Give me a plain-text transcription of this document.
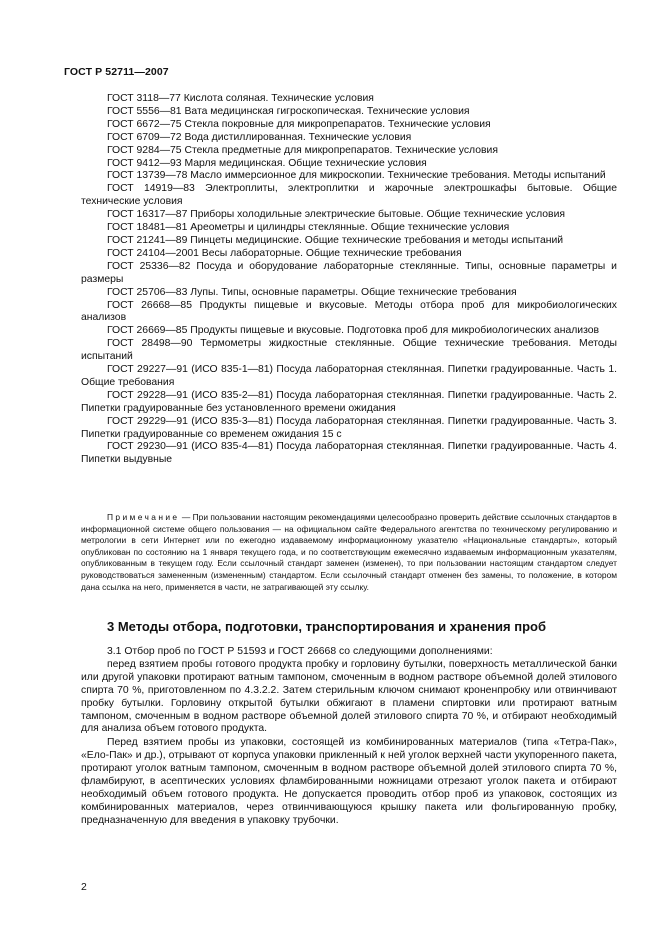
ГОСТ Р 52711—2007

ГОСТ 3118—77 Кислота соляная. Технические условия

ГОСТ 5556—81 Вата медицинская гигроскопическая. Технические условия

ГОСТ 6672—75 Стекла покровные для микропрепаратов. Технические условия

ГОСТ 6709—72 Вода дистиллированная. Технические условия

ГОСТ 9284—75 Стекла предметные для микропрепаратов. Технические условия

ГОСТ 9412—93 Марля медицинская. Общие технические условия

ГОСТ 13739—78 Масло иммерсионное для микроскопии. Технические требования. Методы испытаний

ГОСТ 14919—83 Электроплиты, электроплитки и жарочные электрошкафы бытовые. Общие технические условия

ГОСТ 16317—87 Приборы холодильные электрические бытовые. Общие технические условия

ГОСТ 18481—81 Ареометры и цилиндры стеклянные. Общие технические условия

ГОСТ 21241—89 Пинцеты медицинские. Общие технические требования и методы испытаний

ГОСТ 24104—2001 Весы лабораторные. Общие технические требования

ГОСТ 25336—82 Посуда и оборудование лабораторные стеклянные. Типы, основные параметры и размеры

ГОСТ 25706—83 Лупы. Типы, основные параметры. Общие технические требования

ГОСТ 26668—85 Продукты пищевые и вкусовые. Методы отбора проб для микробиологических анализов

ГОСТ 26669—85 Продукты пищевые и вкусовые. Подготовка проб для микробиологических анализов

ГОСТ 28498—90 Термометры жидкостные стеклянные. Общие технические требования. Методы испытаний

ГОСТ 29227—91 (ИСО 835-1—81) Посуда лабораторная стеклянная. Пипетки градуированные. Часть 1. Общие требования

ГОСТ 29228—91 (ИСО 835-2—81) Посуда лабораторная стеклянная. Пипетки градуированные. Часть 2. Пипетки градуированные без установленного времени ожидания

ГОСТ 29229—91 (ИСО 835-3—81) Посуда лабораторная стеклянная. Пипетки градуированные. Часть 3. Пипетки градуированные со временем ожидания 15 с

ГОСТ 29230—91 (ИСО 835-4—81) Посуда лабораторная стеклянная. Пипетки градуированные. Часть 4. Пипетки выдувные

Примечание — При пользовании настоящим рекомендациями целесообразно проверить действие ссылочных стандартов в информационной системе общего пользования — на официальном сайте Федерального агентства по техническому регулированию и метрологии в сети Интернет или по ежегодно издаваемому информационному указателю «Национальные стандарты», который опубликован по состоянию на 1 января текущего года, и по соответствующим ежемесячно издаваемым информационным указателям, опубликованным в текущем году. Если ссылочный стандарт заменен (изменен), то при пользовании настоящим стандартом следует руководствоваться замененным (измененным) стандартом. Если ссылочный стандарт отменен без замены, то положение, в котором дана ссылка на него, применяется в части, не затрагивающей эту ссылку.

3 Методы отбора, подготовки, транспортирования и хранения проб

3.1 Отбор проб по ГОСТ Р 51593 и ГОСТ 26668 со следующими дополнениями:

перед взятием пробы готового продукта пробку и горловину бутылки, поверхность металлической банки или другой упаковки протирают ватным тампоном, смоченным в водном растворе объемной долей этилового спирта 70 %, приготовленном по 4.3.2.2. Затем стерильным ключом снимают кроненпробку или отвинчивают пробку бутылки. Горловину открытой бутылки обжигают в пламени спиртовки или протирают ватным тампоном, смоченным в водном растворе объемной долей этилового спирта 70 %, и отбирают необходимый для анализа объем готового продукта.

Перед взятием пробы из упаковки, состоящей из комбинированных материалов (типа «Тетра-Пак», «Ело-Пак» и др.), отрывают от корпуса упаковки прикленный к ней уголок верхней части укупоренного пакета, протирают уголок ватным тампоном, смоченным в водном растворе объемной долей этилового спирта 70 %, фламбируют, в асептических условиях фламбированными ножницами отрезают уголок пакета и отбирают необходимый объем готового продукта. Не допускается проводить отбор проб из упаковок, состоящих из комбинированных материалов, через отвинчивающуюся крышку пакета или фольгированную пробку, предназначенную для введения в упаковку трубочки.

2
